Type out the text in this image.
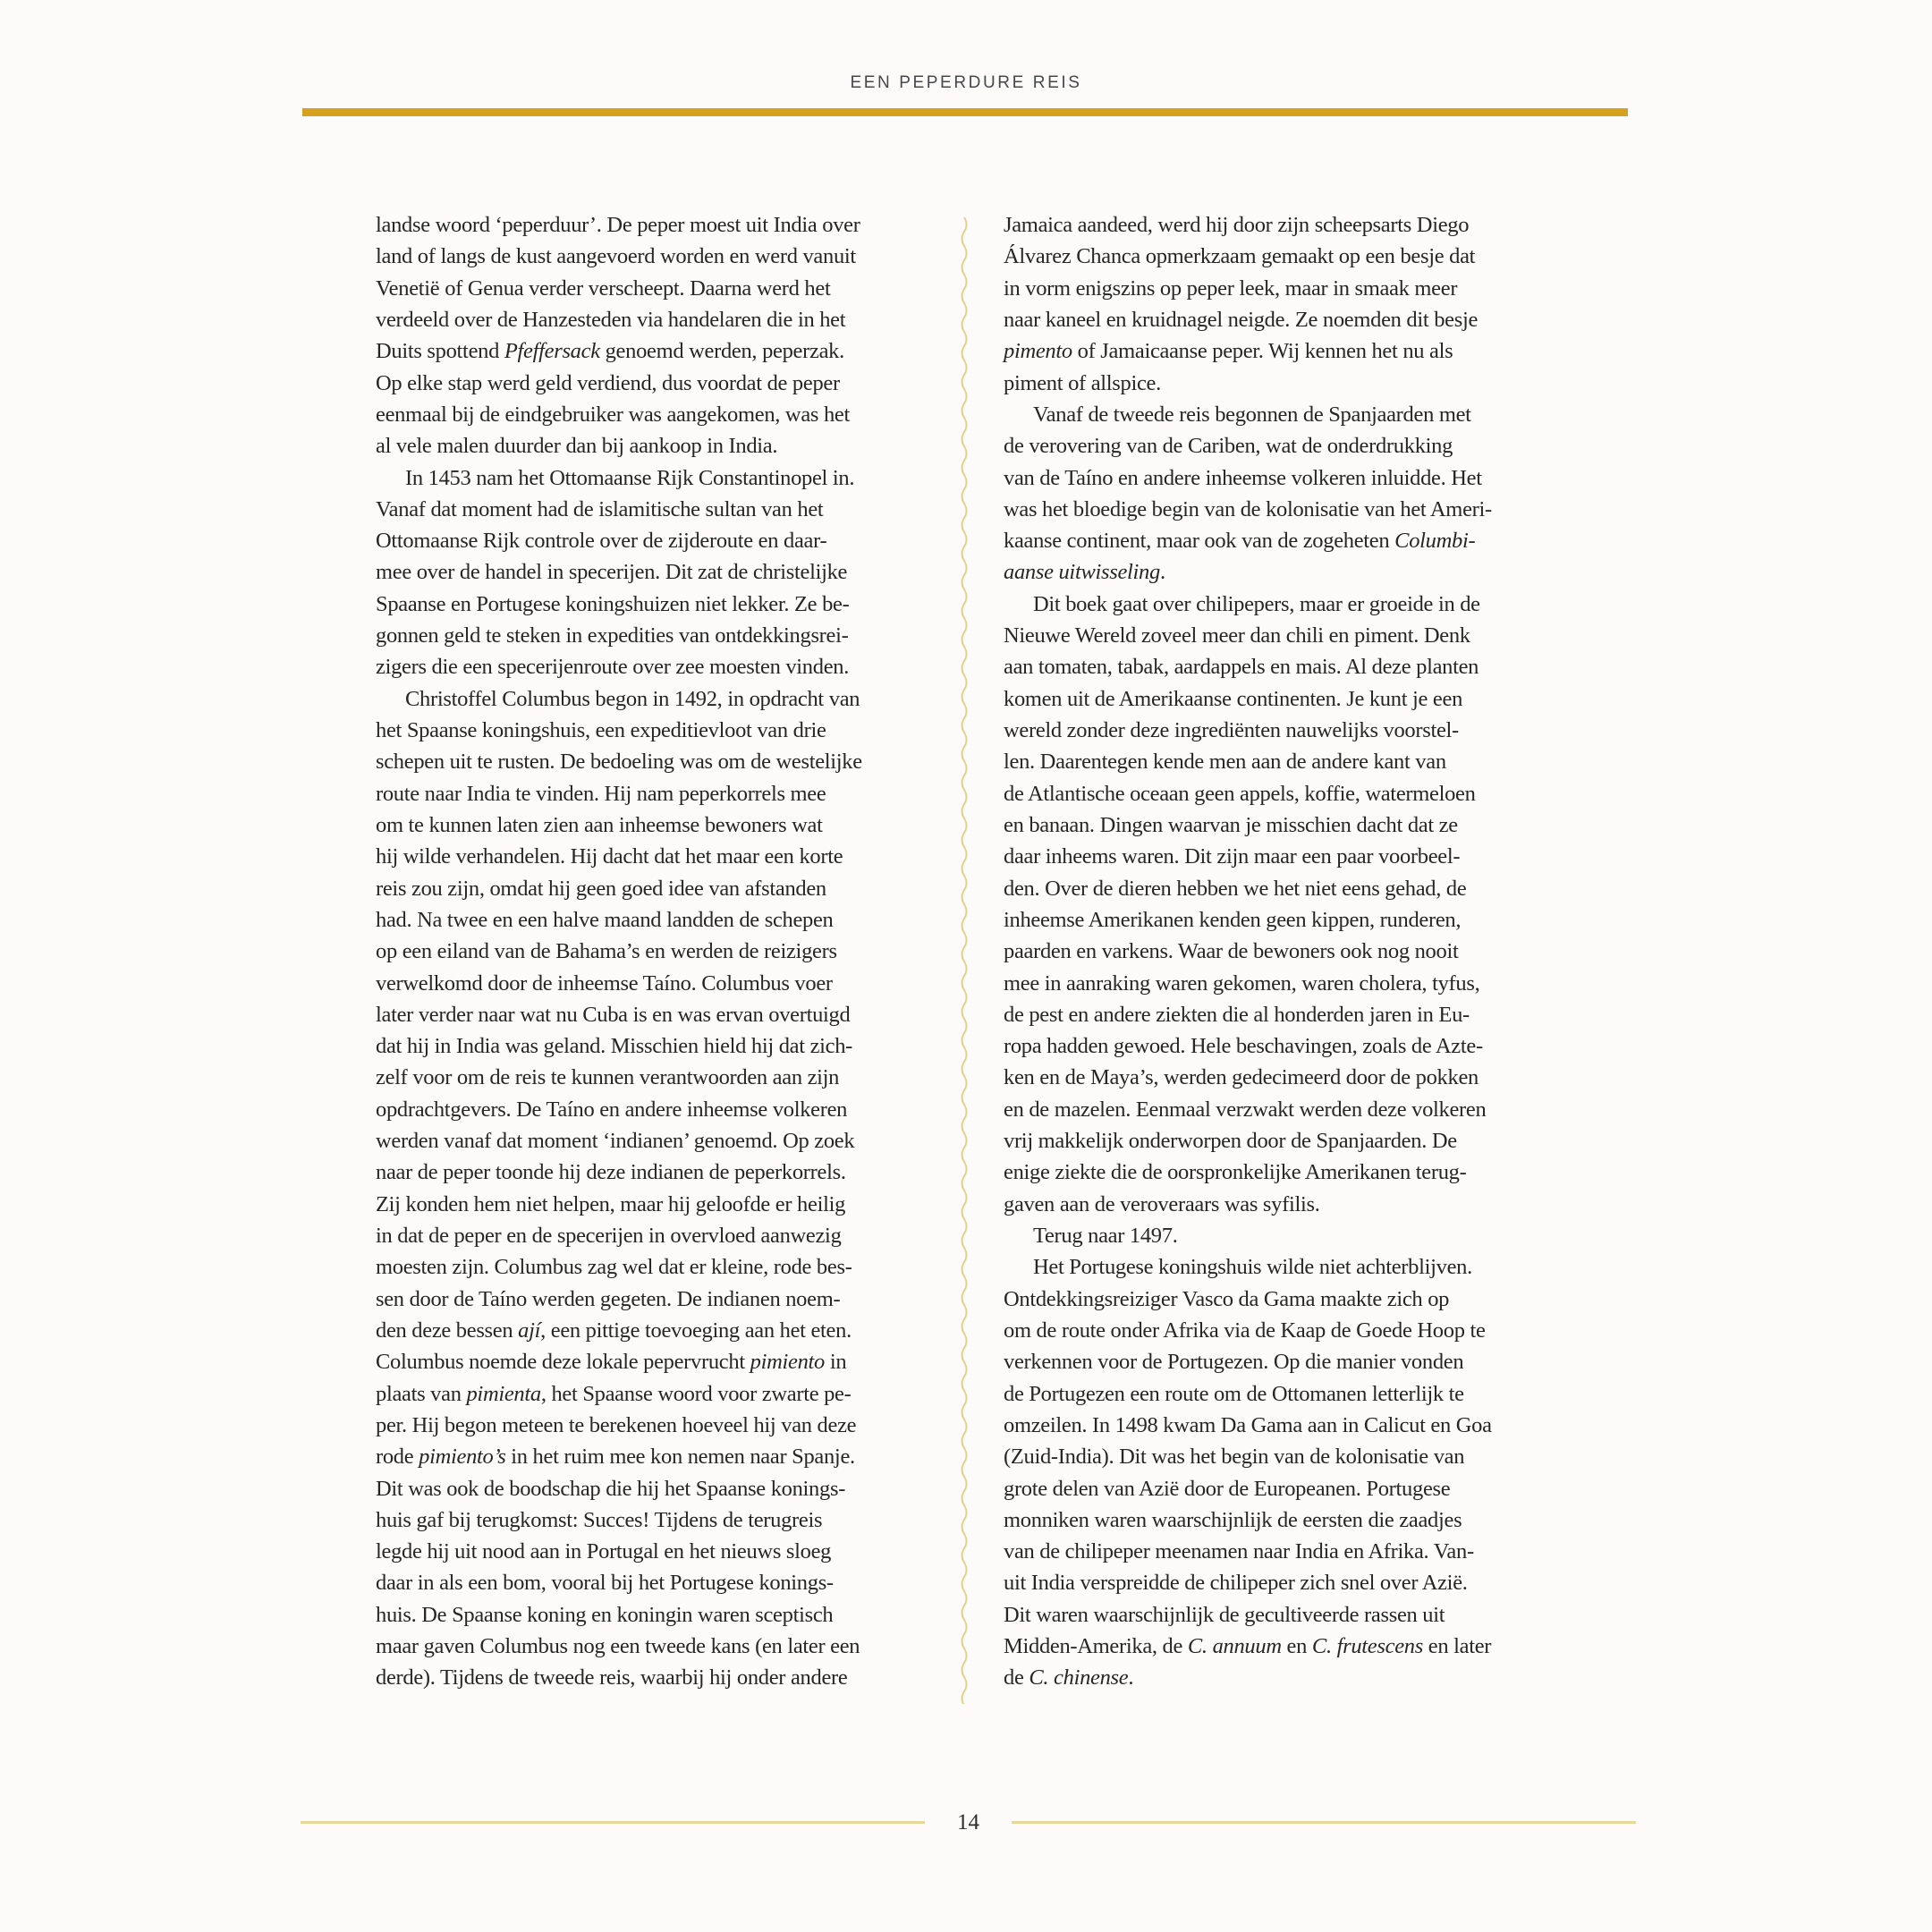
EEN PEPERDURE REIS
landse woord ‘peperduur’. De peper moest uit India over
land of langs de kust aangevoerd worden en werd vanuit
Venetië of Genua verder verscheept. Daarna werd het
verdeeld over de Hanzesteden via handelaren die in het
Duits spottend Pfeffersack genoemd werden, peperzak.
Op elke stap werd geld verdiend, dus voordat de peper
eenmaal bij de eindgebruiker was aangekomen, was het
al vele malen duurder dan bij aankoop in India.
In 1453 nam het Ottomaanse Rijk Constantinopel in.
Vanaf dat moment had de islamitische sultan van het
Ottomaanse Rijk controle over de zijderoute en daar-
mee over de handel in specerijen. Dit zat de christelijke
Spaanse en Portugese koningshuizen niet lekker. Ze be-
gonnen geld te steken in expedities van ontdekkingsrei-
zigers die een specerijenroute over zee moesten vinden.
Christoffel Columbus begon in 1492, in opdracht van
het Spaanse koningshuis, een expeditievloot van drie
schepen uit te rusten. De bedoeling was om de westelijke
route naar India te vinden. Hij nam peperkorrels mee
om te kunnen laten zien aan inheemse bewoners wat
hij wilde verhandelen. Hij dacht dat het maar een korte
reis zou zijn, omdat hij geen goed idee van afstanden
had. Na twee en een halve maand landden de schepen
op een eiland van de Bahama’s en werden de reizigers
verwelkomd door de inheemse Taíno. Columbus voer
later verder naar wat nu Cuba is en was ervan overtuigd
dat hij in India was geland. Misschien hield hij dat zich-
zelf voor om de reis te kunnen verantwoorden aan zijn
opdrachtgevers. De Taíno en andere inheemse volkeren
werden vanaf dat moment ‘indianen’ genoemd. Op zoek
naar de peper toonde hij deze indianen de peperkorrels.
Zij konden hem niet helpen, maar hij geloofde er heilig
in dat de peper en de specerijen in overvloed aanwezig
moesten zijn. Columbus zag wel dat er kleine, rode bes-
sen door de Taíno werden gegeten. De indianen noem-
den deze bessen ají, een pittige toevoeging aan het eten.
Columbus noemde deze lokale pepervrucht pimiento in
plaats van pimienta, het Spaanse woord voor zwarte pe-
per. Hij begon meteen te berekenen hoeveel hij van deze
rode pimiento’s in het ruim mee kon nemen naar Spanje.
Dit was ook de boodschap die hij het Spaanse konings-
huis gaf bij terugkomst: Succes! Tijdens de terugreis
legde hij uit nood aan in Portugal en het nieuws sloeg
daar in als een bom, vooral bij het Portugese konings-
huis. De Spaanse koning en koningin waren sceptisch
maar gaven Columbus nog een tweede kans (en later een
derde). Tijdens de tweede reis, waarbij hij onder andere
Jamaica aandeed, werd hij door zijn scheepsarts Diego
Álvarez Chanca opmerkzaam gemaakt op een besje dat
in vorm enigszins op peper leek, maar in smaak meer
naar kaneel en kruidnagel neigde. Ze noemden dit besje
pimento of Jamaicaanse peper. Wij kennen het nu als
piment of allspice.
Vanaf de tweede reis begonnen de Spanjaarden met
de verovering van de Cariben, wat de onderdrukking
van de Taíno en andere inheemse volkeren inluidde. Het
was het bloedige begin van de kolonisatie van het Ameri-
kaanse continent, maar ook van de zogeheten Columbi-
aanse uitwisseling.
Dit boek gaat over chilipepers, maar er groeide in de
Nieuwe Wereld zoveel meer dan chili en piment. Denk
aan tomaten, tabak, aardappels en mais. Al deze planten
komen uit de Amerikaanse continenten. Je kunt je een
wereld zonder deze ingrediënten nauwelijks voorstel-
len. Daarentegen kende men aan de andere kant van
de Atlantische oceaan geen appels, koffie, watermeloen
en banaan. Dingen waarvan je misschien dacht dat ze
daar inheems waren. Dit zijn maar een paar voorbeel-
den. Over de dieren hebben we het niet eens gehad, de
inheemse Amerikanen kenden geen kippen, runderen,
paarden en varkens. Waar de bewoners ook nog nooit
mee in aanraking waren gekomen, waren cholera, tyfus,
de pest en andere ziekten die al honderden jaren in Eu-
ropa hadden gewoed. Hele beschavingen, zoals de Azte-
ken en de Maya’s, werden gedecimeerd door de pokken
en de mazelen. Eenmaal verzwakt werden deze volkeren
vrij makkelijk onderworpen door de Spanjaarden. De
enige ziekte die de oorspronkelijke Amerikanen terug-
gaven aan de veroveraars was syfilis.
Terug naar 1497.
Het Portugese koningshuis wilde niet achterblijven.
Ontdekkingsreiziger Vasco da Gama maakte zich op
om de route onder Afrika via de Kaap de Goede Hoop te
verkennen voor de Portugezen. Op die manier vonden
de Portugezen een route om de Ottomanen letterlijk te
omzeilen. In 1498 kwam Da Gama aan in Calicut en Goa
(Zuid-India). Dit was het begin van de kolonisatie van
grote delen van Azië door de Europeanen. Portugese
monniken waren waarschijnlijk de eersten die zaadjes
van de chilipeper meenamen naar India en Afrika. Van-
uit India verspreidde de chilipeper zich snel over Azië.
Dit waren waarschijnlijk de gecultiveerde rassen uit
Midden-Amerika, de C. annuum en C. frutescens en later
de C. chinense.
14
